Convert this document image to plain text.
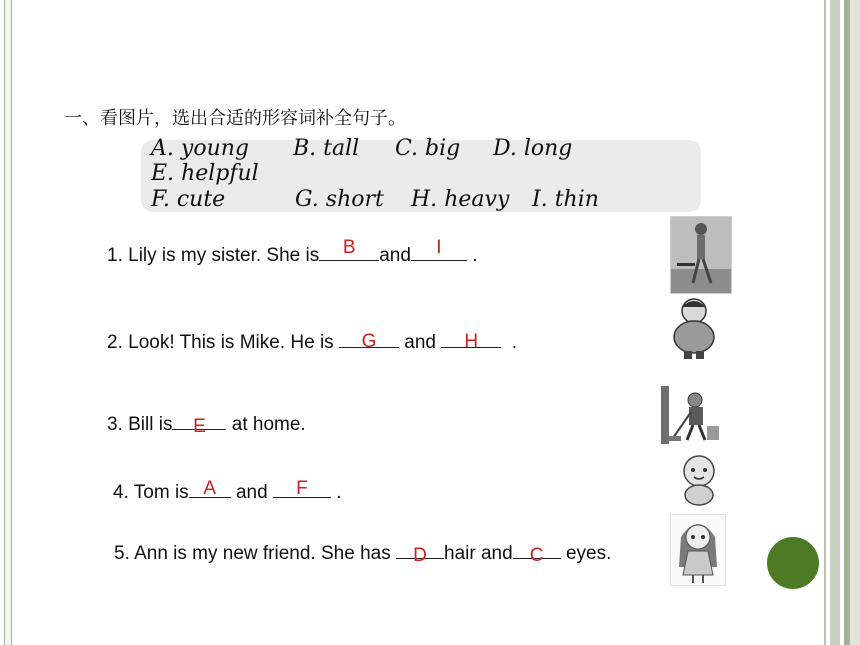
一、看图片，选出合适的形容词补全句子。
A. young B. tall C. big D. long
E. helpful
F. cute	G. short H. heavy I. thin
1. Lily is my sister. She is	B	and	I	.
2. Look! This is Mike. He is	G	and	H	.
3. Bill is	E	at home.
4. Tom is A	and	F	.
5. Ann is my new friend. She has	D hair and C	eyes.
